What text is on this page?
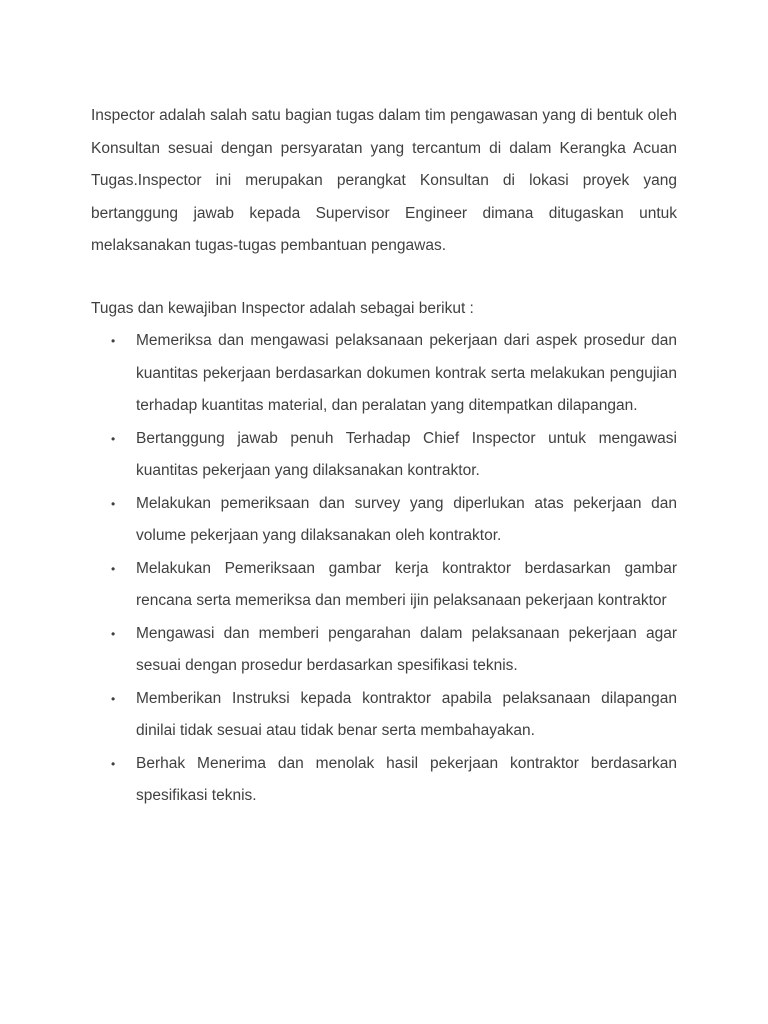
Inspector adalah salah satu bagian tugas dalam tim pengawasan yang di bentuk oleh Konsultan sesuai dengan persyaratan yang tercantum di dalam Kerangka Acuan Tugas.Inspector ini merupakan perangkat Konsultan di lokasi proyek yang bertanggung jawab kepada Supervisor Engineer dimana ditugaskan untuk melaksanakan tugas-tugas pembantuan pengawas.

Tugas dan kewajiban Inspector adalah sebagai berikut :

•	Memeriksa dan mengawasi pelaksanaan pekerjaan dari aspek prosedur dan kuantitas pekerjaan berdasarkan dokumen kontrak serta melakukan pengujian terhadap kuantitas material, dan peralatan yang ditempatkan dilapangan.
•	Bertanggung jawab penuh Terhadap Chief Inspector untuk mengawasi kuantitas pekerjaan yang dilaksanakan kontraktor.
•	Melakukan pemeriksaan dan survey yang diperlukan atas pekerjaan dan volume pekerjaan yang dilaksanakan oleh kontraktor.
•	Melakukan Pemeriksaan gambar kerja kontraktor berdasarkan gambar rencana serta memeriksa dan memberi ijin pelaksanaan pekerjaan kontraktor
•	Mengawasi dan memberi pengarahan dalam pelaksanaan pekerjaan agar sesuai dengan prosedur berdasarkan spesifikasi teknis.
•	Memberikan Instruksi kepada kontraktor apabila pelaksanaan dilapangan dinilai tidak sesuai atau tidak benar serta membahayakan.
•	Berhak Menerima dan menolak hasil pekerjaan kontraktor berdasarkan spesifikasi teknis.
